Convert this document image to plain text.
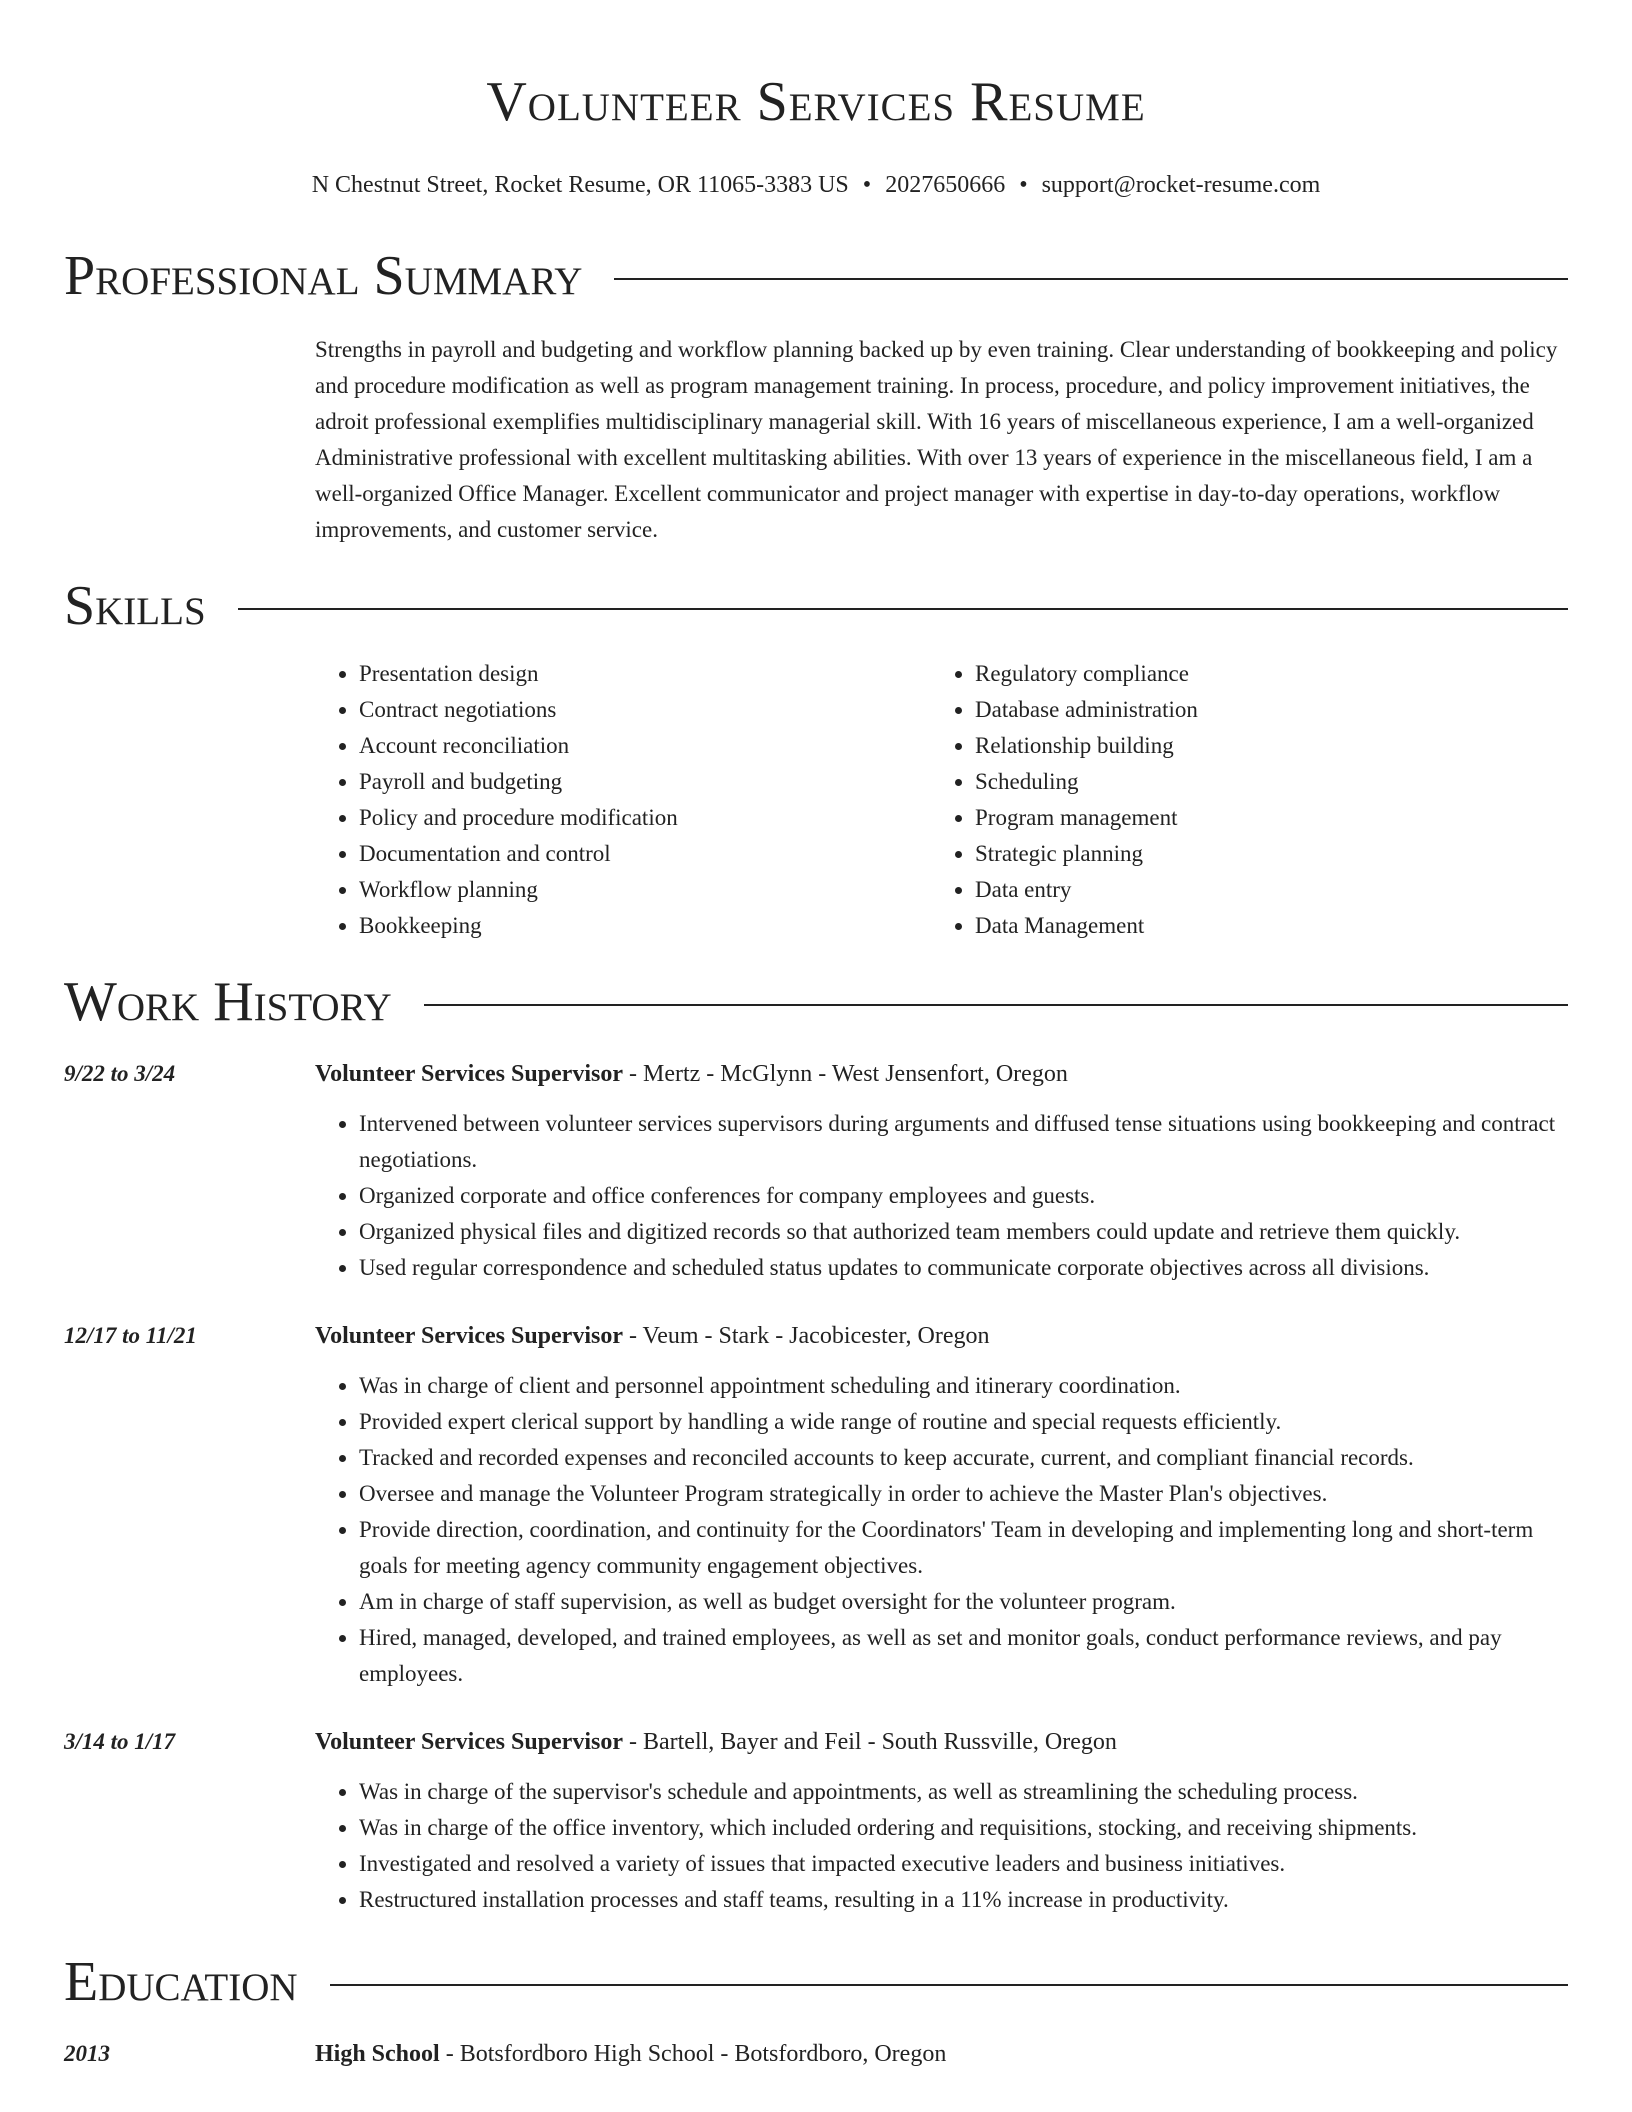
Volunteer Services Resume
N Chestnut Street, Rocket Resume, OR 11065-3383 US • 2027650666 • support@rocket-resume.com
Professional Summary
Strengths in payroll and budgeting and workflow planning backed up by even training. Clear understanding of bookkeeping and policy and procedure modification as well as program management training. In process, procedure, and policy improvement initiatives, the adroit professional exemplifies multidisciplinary managerial skill. With 16 years of miscellaneous experience, I am a well-organized Administrative professional with excellent multitasking abilities. With over 13 years of experience in the miscellaneous field, I am a well-organized Office Manager. Excellent communicator and project manager with expertise in day-to-day operations, workflow improvements, and customer service.
Skills
• Presentation design
• Contract negotiations
• Account reconciliation
• Payroll and budgeting
• Policy and procedure modification
• Documentation and control
• Workflow planning
• Bookkeeping
• Regulatory compliance
• Database administration
• Relationship building
• Scheduling
• Program management
• Strategic planning
• Data entry
• Data Management
Work History
9/22 to 3/24	Volunteer Services Supervisor - Mertz - McGlynn - West Jensenfort, Oregon
• Intervened between volunteer services supervisors during arguments and diffused tense situations using bookkeeping and contract negotiations.
• Organized corporate and office conferences for company employees and guests.
• Organized physical files and digitized records so that authorized team members could update and retrieve them quickly.
• Used regular correspondence and scheduled status updates to communicate corporate objectives across all divisions.
12/17 to 11/21	Volunteer Services Supervisor - Veum - Stark - Jacobicester, Oregon
• Was in charge of client and personnel appointment scheduling and itinerary coordination.
• Provided expert clerical support by handling a wide range of routine and special requests efficiently.
• Tracked and recorded expenses and reconciled accounts to keep accurate, current, and compliant financial records.
• Oversee and manage the Volunteer Program strategically in order to achieve the Master Plan's objectives.
• Provide direction, coordination, and continuity for the Coordinators' Team in developing and implementing long and short-term goals for meeting agency community engagement objectives.
• Am in charge of staff supervision, as well as budget oversight for the volunteer program.
• Hired, managed, developed, and trained employees, as well as set and monitor goals, conduct performance reviews, and pay employees.
3/14 to 1/17	Volunteer Services Supervisor - Bartell, Bayer and Feil - South Russville, Oregon
• Was in charge of the supervisor's schedule and appointments, as well as streamlining the scheduling process.
• Was in charge of the office inventory, which included ordering and requisitions, stocking, and receiving shipments.
• Investigated and resolved a variety of issues that impacted executive leaders and business initiatives.
• Restructured installation processes and staff teams, resulting in a 11% increase in productivity.
Education
2013	High School - Botsfordboro High School - Botsfordboro, Oregon
